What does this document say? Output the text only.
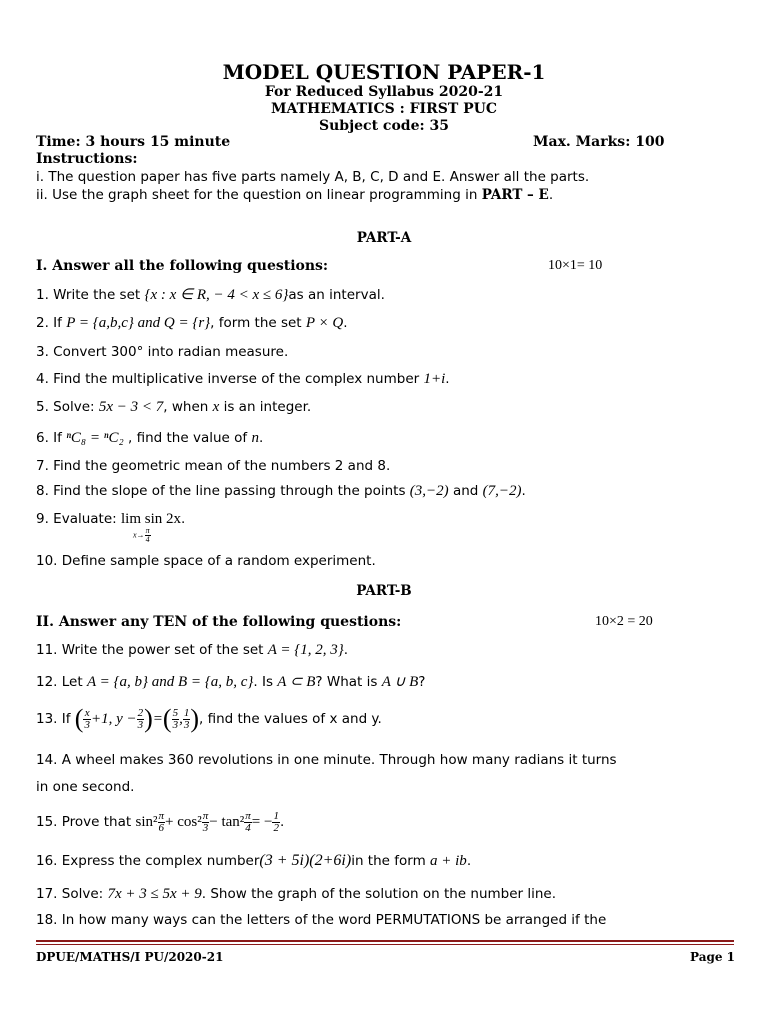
MODEL QUESTION PAPER-1
For Reduced Syllabus 2020-21
MATHEMATICS : FIRST PUC
Subject code: 35
Time: 3 hours 15 minute	Max. Marks: 100
Instructions:
i. The question paper has five parts namely A, B, C, D and E. Answer all the parts.
ii. Use the graph sheet for the question on linear programming in PART – E.
PART-A
I. Answer all the following questions:	10×1= 10
1. Write the set {x : x ∈ R, − 4 < x ≤ 6}as an interval.
2. If P = {a,b,c} and Q = {r}, form the set P × Q.
3. Convert 300° into radian measure.
4. Find the multiplicative inverse of the complex number 1+i.
5. Solve: 5x − 3 < 7, when x is an integer.
6. If ⁿC₈ = ⁿC₂ , find the value of n.
7. Find the geometric mean of the numbers 2 and 8.
8. Find the slope of the line passing through the points (3,−2) and (7,−2).
9. Evaluate: lim sin 2x.
$x\to \frac{\pi}{4}$
10. Define sample space of a random experiment.
PART-B
II. Answer any TEN of the following questions:	10×2 = 20
11. Write the power set of the set A = {1, 2, 3}.
12. Let A = {a, b} and B = {a, b, c}. Is A ⊂ B? What is A ∪ B?
13. If ( $\frac{x}{3} +1$, $y - \frac{2}{3}$ )=( $\frac{5}{3}$ , $\frac{1}{3}$ ), find the values of x and y.
14. A wheel makes 360 revolutions in one minute. Through how many radians it turns
in one second.
15. Prove that $\sin^2 \frac{\pi}{6} + \cos^2 \frac{\pi}{3} - \tan^2 \frac{\pi}{4}$ = − $\frac{1}{2}$ .
16. Express the complex number(3 + 5i)(2+6i)in the form a + ib.
17. Solve: 7x + 3 ≤ 5x + 9. Show the graph of the solution on the number line.
18. In how many ways can the letters of the word PERMUTATIONS be arranged if the
DPUE/MATHS/I PU/2020-21	Page 1
